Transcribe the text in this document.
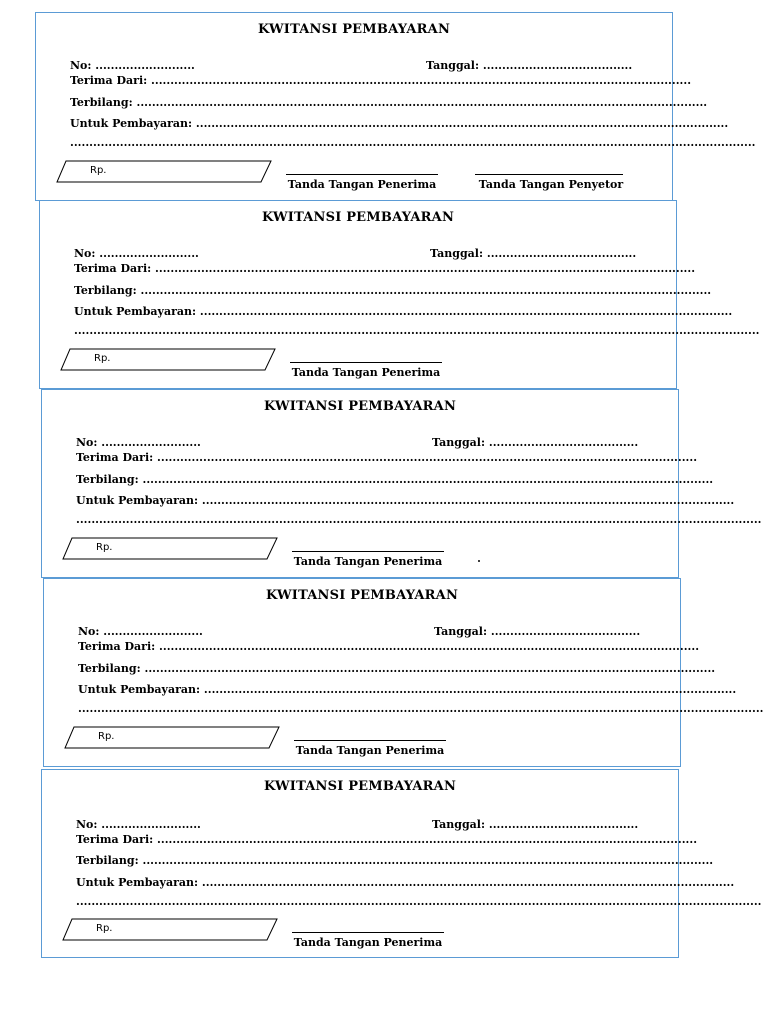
KWITANSI PEMBAYARAN
No: ..........................	Tanggal: .......................................
Terima Dari: .............................................................................................................................................
Terbilang: .....................................................................................................................................................
Untuk Pembayaran: ...........................................................................................................................................
...................................................................................................................................................................................
Rp.
Tanda Tangan Penerima	Tanda Tangan Penyetor
KWITANSI PEMBAYARAN
No: ..........................	Tanggal: .......................................
Terima Dari: .............................................................................................................................................
Terbilang: .....................................................................................................................................................
Untuk Pembayaran: ...........................................................................................................................................
...................................................................................................................................................................................
Rp.
Tanda Tangan Penerima
KWITANSI PEMBAYARAN
No: ..........................	Tanggal: .......................................
Terima Dari: .............................................................................................................................................
Terbilang: .....................................................................................................................................................
Untuk Pembayaran: ...........................................................................................................................................
...................................................................................................................................................................................
Rp.
Tanda Tangan Penerima
KWITANSI PEMBAYARAN
No: ..........................	Tanggal: .......................................
Terima Dari: .............................................................................................................................................
Terbilang: .....................................................................................................................................................
Untuk Pembayaran: ...........................................................................................................................................
...................................................................................................................................................................................
Rp.
Tanda Tangan Penerima
KWITANSI PEMBAYARAN
No: ..........................	Tanggal: .......................................
Terima Dari: .............................................................................................................................................
Terbilang: .....................................................................................................................................................
Untuk Pembayaran: ...........................................................................................................................................
...................................................................................................................................................................................
Rp.
Tanda Tangan Penerima
